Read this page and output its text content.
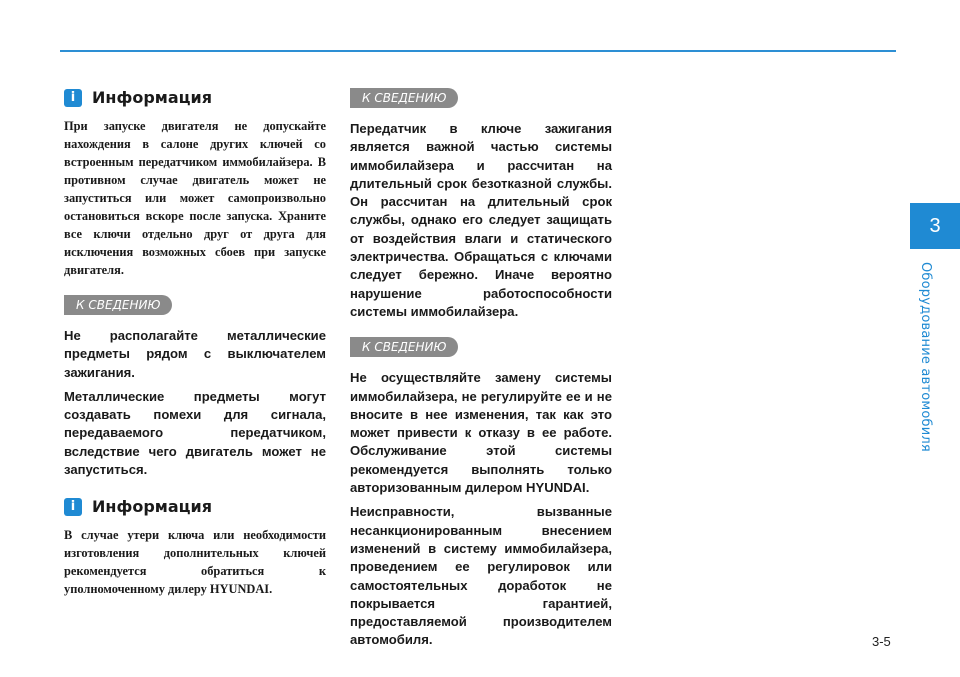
3
Оборудование автомобиля
i	Информация

При запуске двигателя не допускайте нахождения в салоне других ключей со встроенным передатчиком иммобилайзера. В противном случае двигатель может не запуститься или может самопроизвольно остановиться вскоре после запуска. Храните все ключи отдельно друг от друга для исключения возможных сбоев при запуске двигателя.

К СВЕДЕНИЮ

Не располагайте металлические предметы рядом с выключателем зажигания.

Металлические предметы могут создавать помехи для сигнала, передаваемого передатчиком, вследствие чего двигатель может не запуститься.

i	Информация

В случае утери ключа или необходимости изготовления дополнительных ключей рекомендуется обратиться к уполномоченному дилеру HYUNDAI.

К СВЕДЕНИЮ

Передатчик в ключе зажигания является важной частью системы иммобилайзера и рассчитан на длительный срок безотказной службы. Он рассчитан на длительный срок службы, однако его следует защищать от воздействия влаги и статического электричества. Обращаться с ключами следует бережно. Иначе вероятно нарушение работоспособности системы иммобилайзера.

К СВЕДЕНИЮ

Не осуществляйте замену системы иммобилайзера, не регулируйте ее и не вносите в нее изменения, так как это может привести к отказу в ее работе. Обслуживание этой системы рекомендуется выполнять только авторизованным дилером HYUNDAI.

Неисправности, вызванные несанкционированным внесением изменений в систему иммобилайзера, проведением ее регулировок или самостоятельных доработок не покрывается гарантией, предоставляемой производителем автомобиля.	3-5
